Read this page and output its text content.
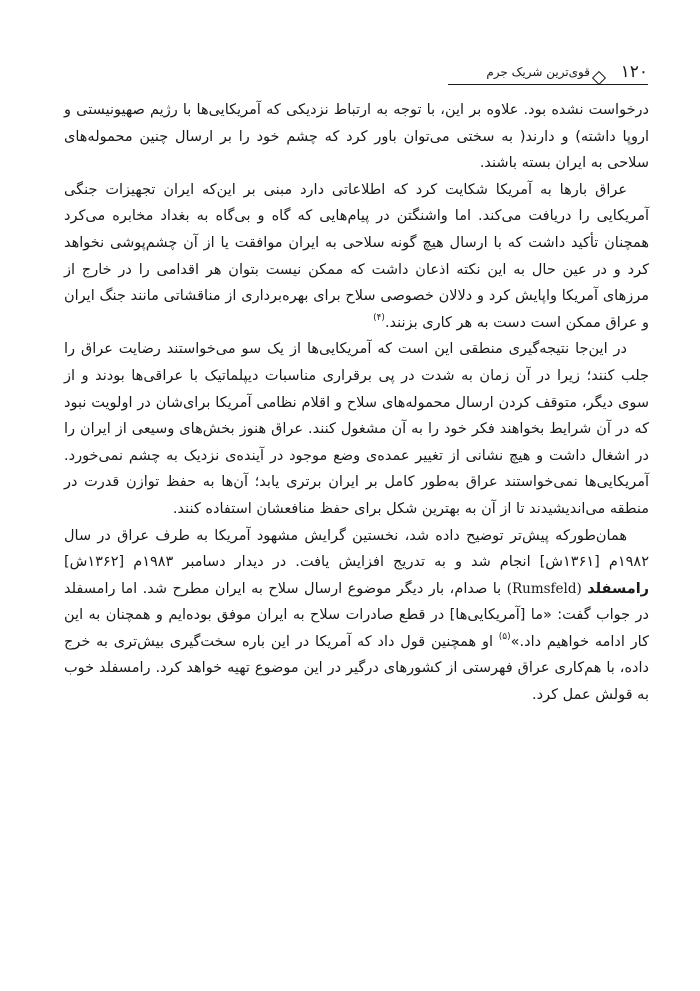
۱۲۰
قوی‌ترین شریک جرم

درخواست نشده بود. علاوه بر این، با توجه به ارتباط نزدیکی که آمریکایی‌ها با رژیم صهیونیستی و اروپا داشته) و دارند( به سختی می‌توان باور کرد که چشم خود را بر ارسال چنین محموله‌های سلاحی به ایران بسته باشند.

عراق بارها به آمریکا شکایت کرد که اطلاعاتی دارد مبنی بر این‌که ایران تجهیزات جنگی آمریکایی را دریافت می‌کند. اما واشنگتن در پیام‌هایی که گاه و بی‌گاه به بغداد مخابره می‌کرد همچنان تأکید داشت که با ارسال هیچ گونه سلاحی به ایران موافقت یا از آن چشم‌پوشی نخواهد کرد و در عین حال به این نکته اذعان داشت که ممکن نیست بتوان هر اقدامی را در خارج از مرزهای آمریکا واپایش کرد و دلالان خصوصی سلاح برای بهره‌برداری از مناقشاتی مانند جنگ ایران و عراق ممکن است دست به هر کاری بزنند.$^{(۴)}$

در این‌جا نتیجه‌گیری منطقی این است که آمریکایی‌ها از یک سو می‌خواستند رضایت عراق را جلب کنند؛ زیرا در آن زمان به شدت در پی برقراری مناسبات دیپلماتیک با عراقی‌ها بودند و از سوی دیگر، متوقف کردن ارسال محموله‌های سلاح و اقلام نظامی آمریکا برای‌شان در اولویت نبود که در آن شرایط بخواهند فکر خود را به آن مشغول کنند. عراق هنوز بخش‌های وسیعی از ایران را در اشغال داشت و هیچ نشانی از تغییر عمده‌ی وضع موجود در آینده‌ی نزدیک به چشم نمی‌خورد. آمریکایی‌ها نمی‌خواستند عراق به‌طور کامل بر ایران برتری یابد؛ آن‌ها به حفظ توازن قدرت در منطقه می‌اندیشیدند تا از آن به بهترین شکل برای حفظ منافعشان استفاده کنند.

همان‌طورکه پیش‌تر توضیح داده شد، نخستین گرایش مشهود آمریکا به طرف عراق در سال ۱۹۸۲م [۱۳۶۱ش] انجام شد و به تدریج افزایش یافت. در دیدار دسامبر ۱۹۸۳م [۱۳۶۲ش] رامسفلد (Rumsfeld) با صدام، بار دیگر موضوع ارسال سلاح به ایران مطرح شد. اما رامسفلد در جواب گفت: «ما [آمریکایی‌ها] در قطع صادرات سلاح به ایران موفق بوده‌ایم و همچنان به این کار ادامه خواهیم داد.»$^{(۵)}$ او همچنین قول داد که آمریکا در این باره سخت‌گیری بیش‌تری به خرج داده، با هم‌کاری عراق فهرستی از کشورهای درگیر در این موضوع تهیه خواهد کرد. رامسفلد خوب به قولش عمل کرد.
